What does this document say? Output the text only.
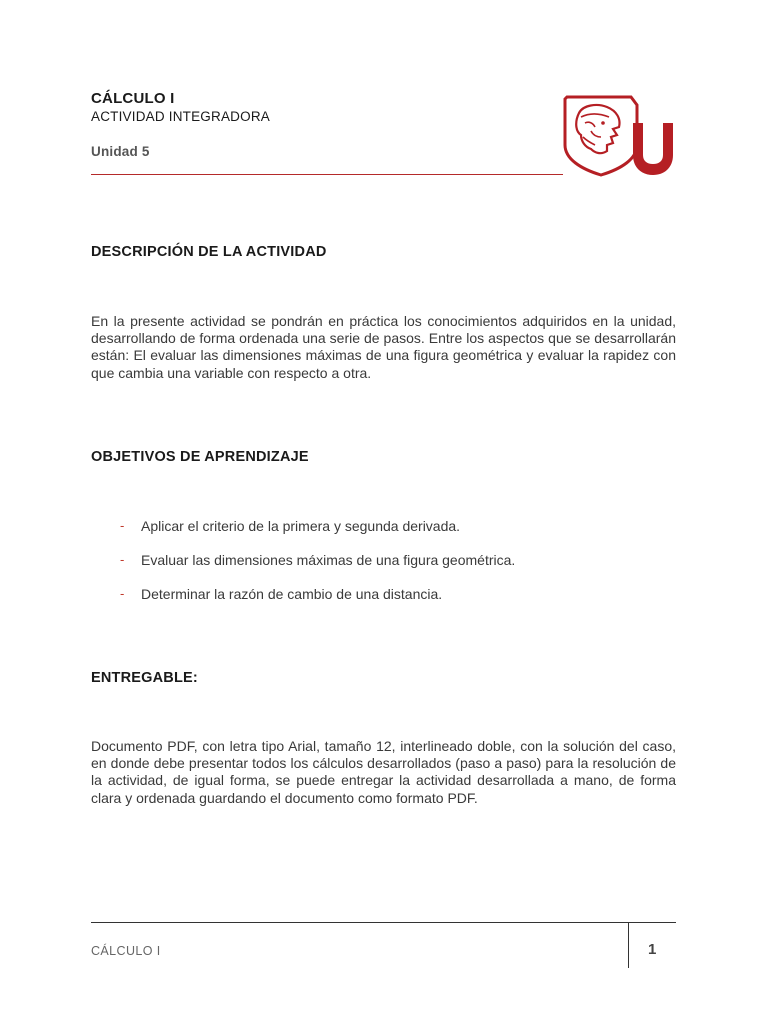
CÁLCULO I
ACTIVIDAD INTEGRADORA
Unidad 5
DESCRIPCIÓN DE LA ACTIVIDAD
En la presente actividad se pondrán en práctica los conocimientos adquiridos en la unidad, desarrollando de forma ordenada una serie de pasos. Entre los aspectos que se desarrollarán están: El evaluar las dimensiones máximas de una figura geométrica y evaluar la rapidez con que cambia una variable con respecto a otra.
OBJETIVOS DE APRENDIZAJE
- Aplicar el criterio de la primera y segunda derivada.
- Evaluar las dimensiones máximas de una figura geométrica.
- Determinar la razón de cambio de una distancia.
ENTREGABLE:
Documento PDF, con letra tipo Arial, tamaño 12, interlineado doble, con la solución del caso, en donde debe presentar todos los cálculos desarrollados (paso a paso) para la resolución de la actividad, de igual forma, se puede entregar la actividad desarrollada a mano, de forma clara y ordenada guardando el documento como formato PDF.
CÁLCULO I	1
